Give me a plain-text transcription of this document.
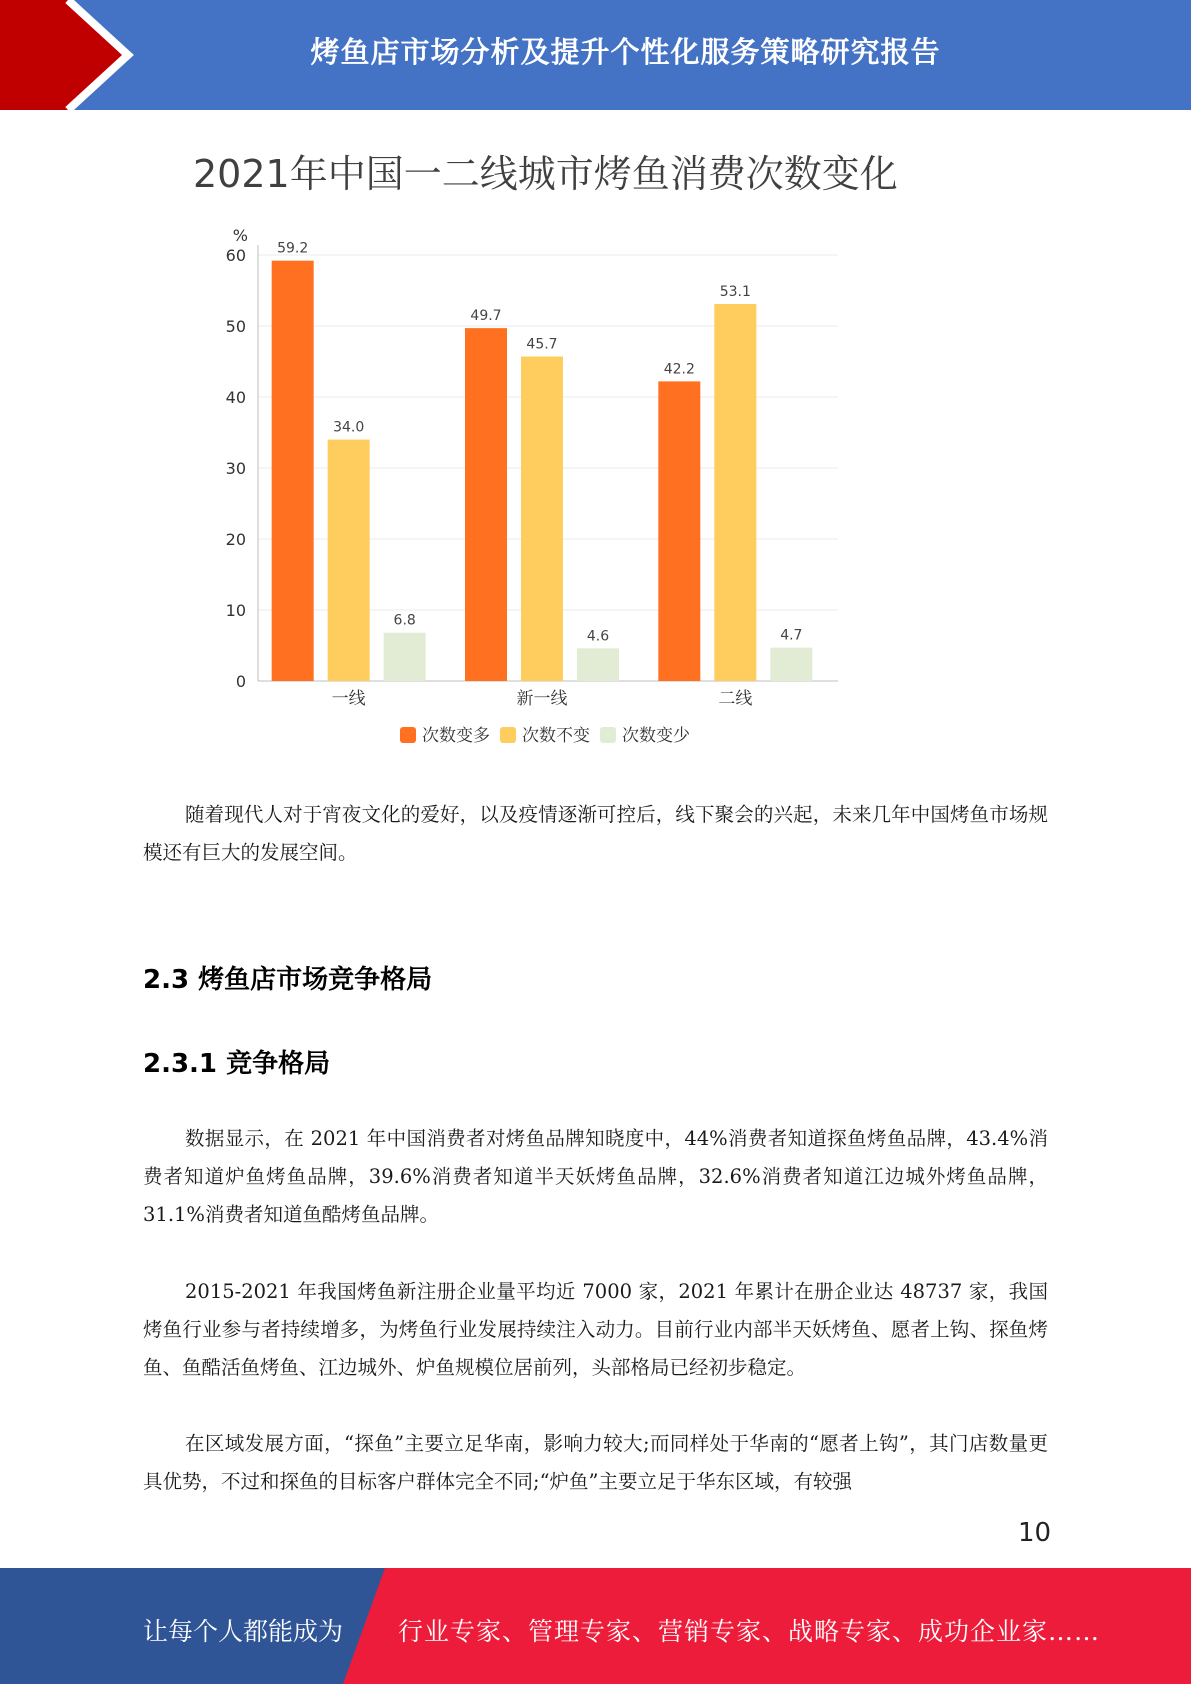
烤鱼店市场分析及提升个性化服务策略研究报告
2021年中国一二线城市烤鱼消费次数变化
0
10
20
30
40
50
60
%
59.2
34.0
6.8
一线
49.7
45.7
4.6
新一线
42.2
53.1
4.7
二线
次数变多 次数不变 次数变少
随着现代人对于宵夜文化的爱好，以及疫情逐渐可控后，线下聚会的兴起，未来几年中国烤鱼市场规模还有巨大的发展空间。
2.3 烤鱼店市场竞争格局
2.3.1 竞争格局
数据显示，在 2021 年中国消费者对烤鱼品牌知晓度中，44%消费者知道探鱼烤鱼品牌，43.4%消费者知道炉鱼烤鱼品牌，39.6%消费者知道半天妖烤鱼品牌，32.6%消费者知道江边城外烤鱼品牌，31.1%消费者知道鱼酷烤鱼品牌。
2015-2021 年我国烤鱼新注册企业量平均近 7000 家，2021 年累计在册企业达 48737 家，我国烤鱼行业参与者持续增多，为烤鱼行业发展持续注入动力。目前行业内部半天妖烤鱼、愿者上钩、探鱼烤鱼、鱼酷活鱼烤鱼、江边城外、炉鱼规模位居前列，头部格局已经初步稳定。
在区域发展方面，“探鱼”主要立足华南，影响力较大;而同样处于华南的“愿者上钩”，其门店数量更具优势，不过和探鱼的目标客户群体完全不同;“炉鱼”主要立足于华东区域，有较强
10
让每个人都能成为 行业专家、管理专家、营销专家、战略专家、成功企业家……
